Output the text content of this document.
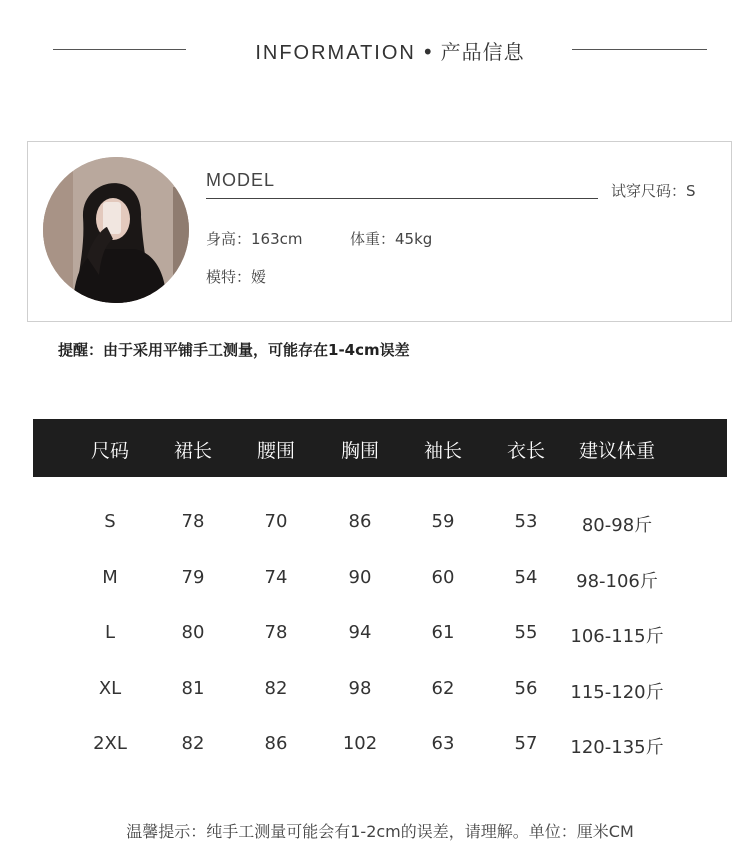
INFORMATION • 产品信息
MODEL
试穿尺码：S
身高：163cm	体重：45kg
模特：嫒
提醒：由于采用平铺手工测量，可能存在1-4cm误差
尺码 裙长 腰围 胸围 袖长 衣长 建议体重
S	78	70	86	59	53 80-98斤
M	79	74	90	60	54 98-106斤
L	80	78	94	61	55 106-115斤
XL	81	82	98	62	56 115-120斤
2XL	82	86	102	63	57 120-135斤
温馨提示：纯手工测量可能会有1-2cm的误差，请理解。单位：厘米CM
